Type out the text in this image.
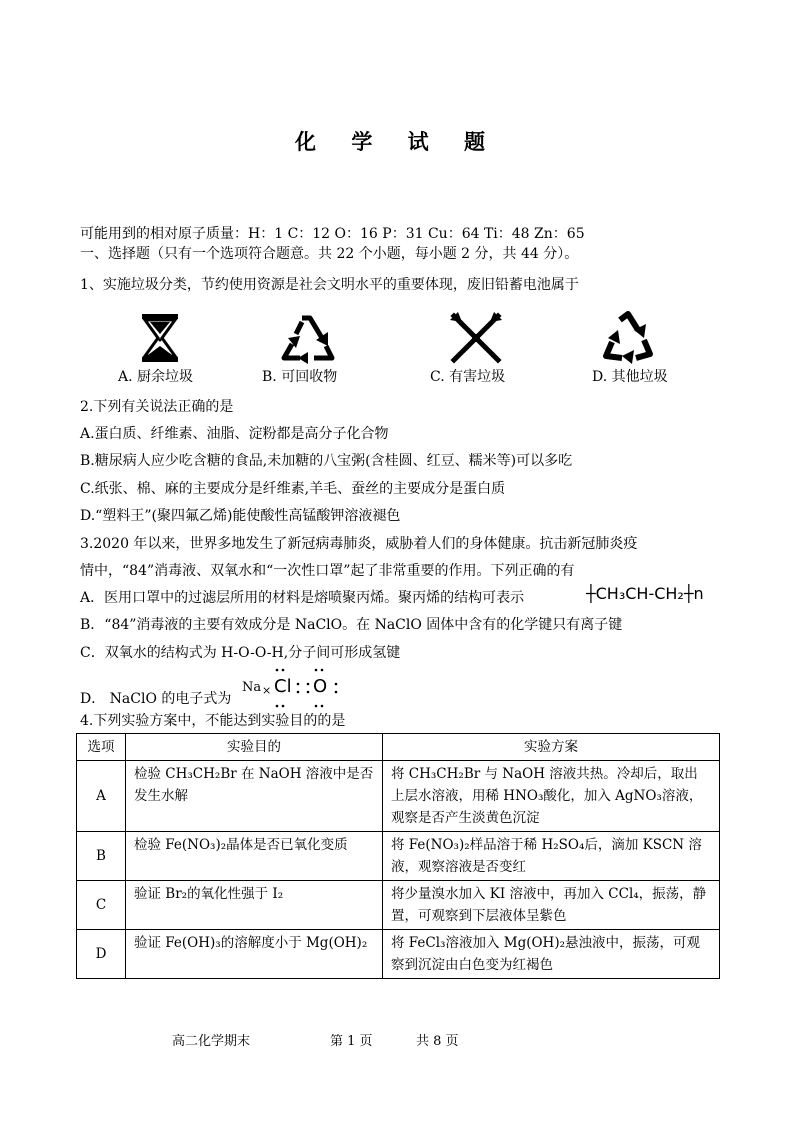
化 学 试 题
可能用到的相对原子质量：H：1 C：12 O：16 P：31 Cu：64 Ti：48 Zn：65
一、选择题（只有一个选项符合题意。共 22 个小题，每小题 2 分，共 44 分）。
1、实施垃圾分类，节约使用资源是社会文明水平的重要体现，废旧铅蓄电池属于
A. 厨余垃圾	B. 可回收物	C. 有害垃圾	D. 其他垃圾
2.下列有关说法正确的是
A.蛋白质、纤维素、油脂、淀粉都是高分子化合物
B.糖尿病人应少吃含糖的食品,未加糖的八宝粥(含桂圆、红豆、糯米等)可以多吃
C.纸张、棉、麻的主要成分是纤维素,羊毛、蚕丝的主要成分是蛋白质
D.“塑料王”(聚四氟乙烯)能使酸性高锰酸钾溶液褪色
3.2020 年以来，世界多地发生了新冠病毒肺炎，威胁着人们的身体健康。抗击新冠肺炎疫
情中，“84”消毒液、双氧水和“一次性口罩”起了非常重要的作用。下列正确的有
A．医用口罩中的过滤层所用的材料是熔喷聚丙烯。聚丙烯的结构可表示	┼CH₃CH-CH₂┼n
B．“84”消毒液的主要有效成分是 NaClO。在 NaClO 固体中含有的化学键只有离子键
C．双氧水的结构式为 H-O-O-H,分子间可形成氢键
D． NaClO 的电子式为
Na × Cl O
4.下列实验方案中，不能达到实验目的的是
选项	实验目的	实验方案
A	检验 CH₃CH₂Br 在 NaOH 溶液中是否发生水解	将 CH₃CH₂Br 与 NaOH 溶液共热。冷却后，取出上层水溶液，用稀 HNO₃酸化，加入 AgNO₃溶液，观察是否产生淡黄色沉淀
B	检验 Fe(NO₃)₂晶体是否已氧化变质	将 Fe(NO₃)₂样品溶于稀 H₂SO₄后，滴加 KSCN 溶液，观察溶液是否变红
C	验证 Br₂的氧化性强于 I₂	将少量溴水加入 KI 溶液中，再加入 CCl₄，振荡，静置，可观察到下层液体呈紫色
D	验证 Fe(OH)₃的溶解度小于 Mg(OH)₂	将 FeCl₃溶液加入 Mg(OH)₂悬浊液中，振荡，可观察到沉淀由白色变为红褐色
高二化学期末	第 1 页	共 8 页
